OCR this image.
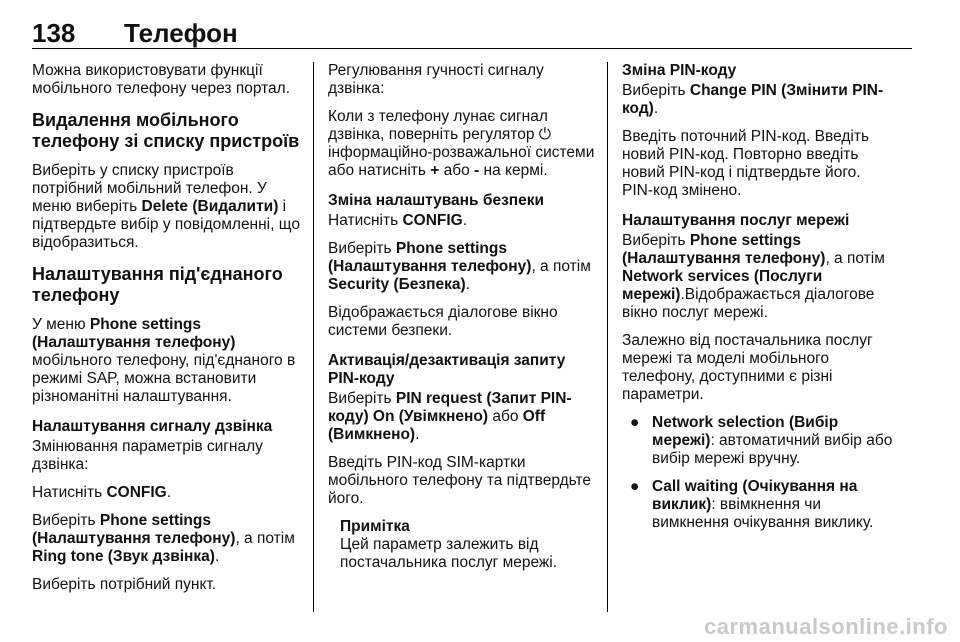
138 Телефон

Можна використовувати функції мобільного телефону через портал.

Видалення мобільного телефону зі списку пристроїв

Виберіть у списку пристроїв потрібний мобільний телефон. У меню виберіть Delete (Видалити) і підтвердьте вибір у повідомленні, що відобразиться.

Налаштування під'єднаного телефону

У меню Phone settings (Налаштування телефону) мобільного телефону, під'єднаного в режимі SAP, можна встановити різноманітні налаштування.

Налаштування сигналу дзвінка

Змінювання параметрів сигналу дзвінка:

Натисніть CONFIG.

Виберіть Phone settings (Налаштування телефону), а потім Ring tone (Звук дзвінка).

Виберіть потрібний пункт.

Регулювання гучності сигналу дзвінка:

Коли з телефону лунає сигнал дзвінка, поверніть регулятор ⏻ інформаційно-розважальної системи або натисніть + або - на кермі.

Зміна налаштувань безпеки

Натисніть CONFIG.

Виберіть Phone settings (Налаштування телефону), а потім Security (Безпека).

Відображається діалогове вікно системи безпеки.

Активація/дезактивація запиту PIN-коду

Виберіть PIN request (Запит PIN-коду) On (Увімкнено) або Off (Вимкнено).

Введіть PIN-код SIM-картки мобільного телефону та підтвердьте його.

Примітка
Цей параметр залежить від постачальника послуг мережі.
Зміна PIN-коду

Виберіть Change PIN (Змінити PIN-код).

Введіть поточний PIN-код. Введіть новий PIN-код. Повторно введіть новий PIN-код і підтвердьте його. PIN-код змінено.

Налаштування послуг мережі

Виберіть Phone settings (Налаштування телефону), а потім Network services (Послуги мережі).Відображається діалогове вікно послуг мережі.

Залежно від постачальника послуг мережі та моделі мобільного телефону, доступними є різні параметри.

● Network selection (Вибір мережі): автоматичний вибір або вибір мережі вручну.
● Call waiting (Очікування на виклик): ввімкнення чи вимкнення очікування виклику.
carmanualsonline.info
